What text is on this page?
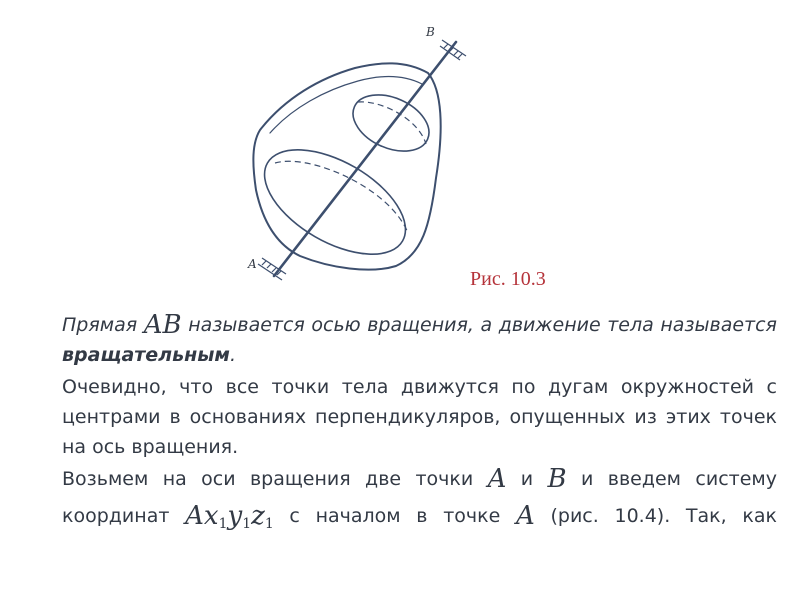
B
A
Рис. 10.3
Прямая AB называется осью вращения, а движение тела называется
вращательным.
Очевидно, что все точки тела движутся по дугам окружностей с
центрами в основаниях перпендикуляров, опущенных из этих точек
на ось вращения.
Возьмем на оси вращения две точки A и B и введем систему
координат $Ax_1y_1z_1$ с началом в точке A (рис. 10.4). Так, как
